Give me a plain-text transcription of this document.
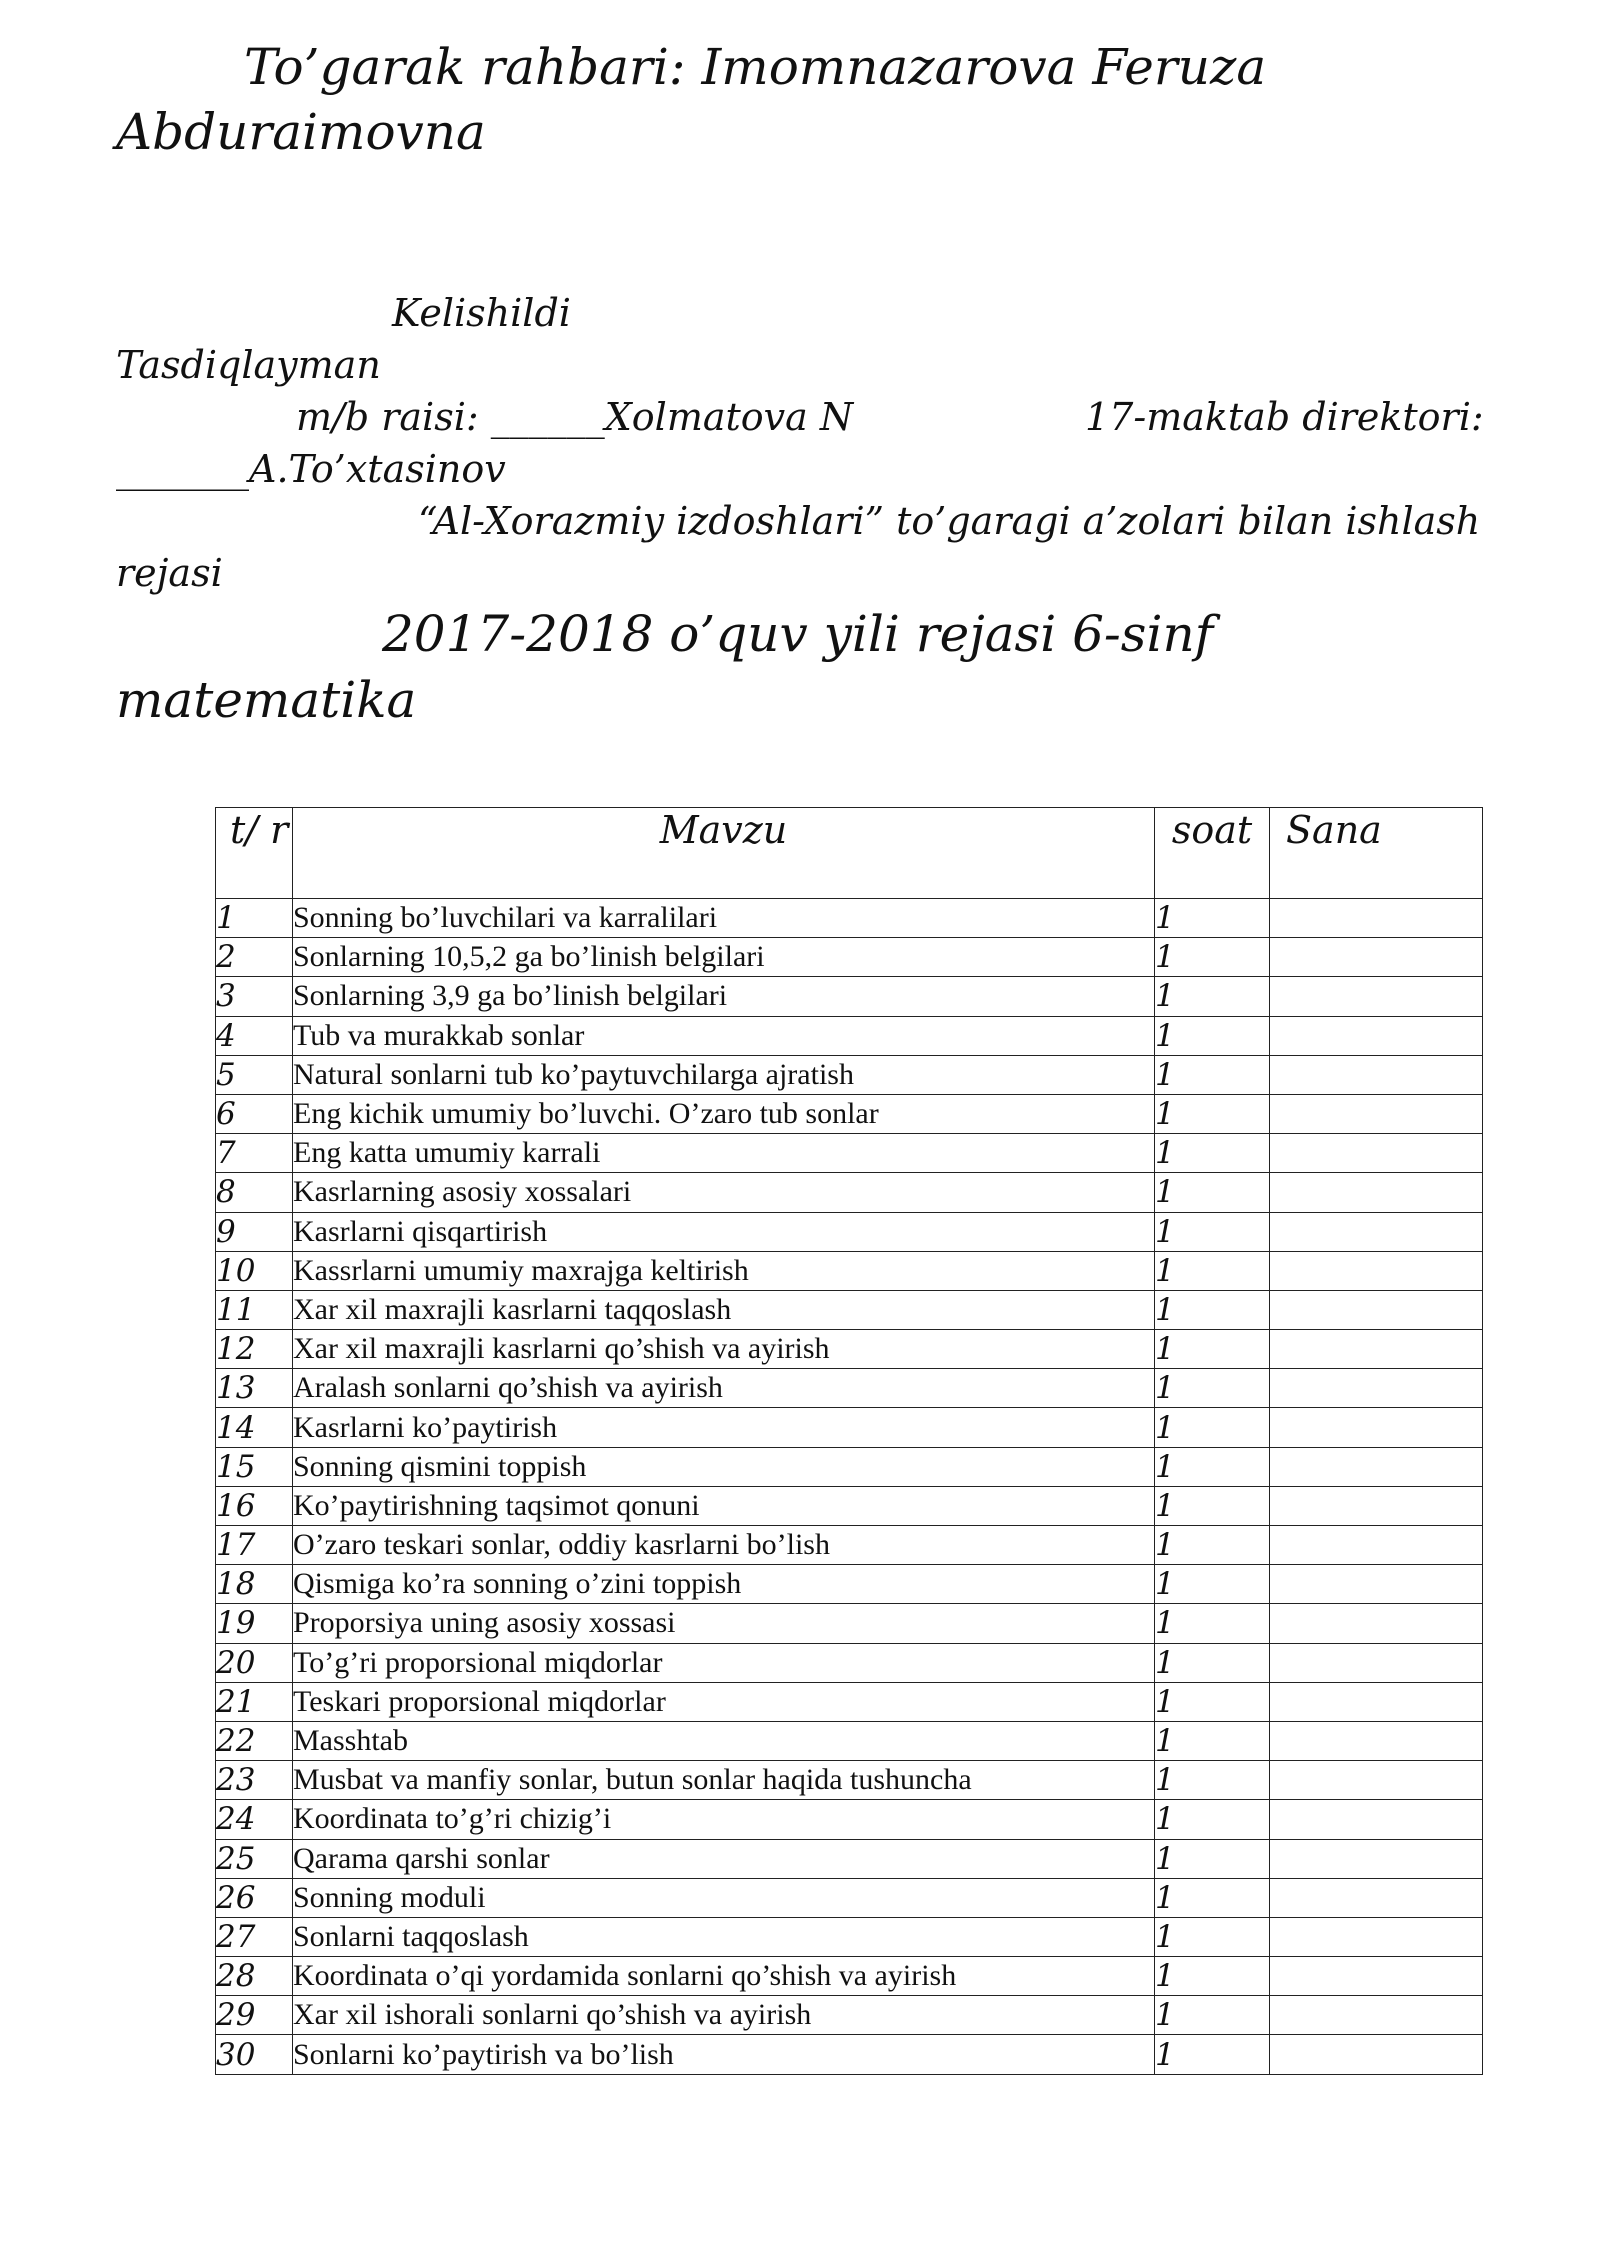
To’garak rahbari: Imomnazarova Feruza
Abduraimovna
Kelishildi
Tasdiqlayman
m/b raisi: ______Xolmatova N	17-maktab direktori:
_______A.To’xtasinov
“Al-Xorazmiy izdoshlari” to’garagi a’zolari bilan ishlash
rejasi
2017-2018 o’quv yili rejasi 6-sinf
matematika
t/ r	Mavzu	soat	Sana
1	Sonning bo’luvchilari va karralilari	1	
2	Sonlarning 10,5,2 ga bo’linish belgilari	1	
3	Sonlarning 3,9 ga bo’linish belgilari	1	
4	Tub va murakkab sonlar	1	
5	Natural sonlarni tub ko’paytuvchilarga ajratish	1	
6	Eng kichik umumiy bo’luvchi. O’zaro tub sonlar	1	
7	Eng katta umumiy karrali	1	
8	Kasrlarning asosiy xossalari	1	
9	Kasrlarni qisqartirish	1	
10	Kassrlarni umumiy maxrajga keltirish	1	
11	Xar xil maxrajli kasrlarni taqqoslash	1	
12	Xar xil maxrajli kasrlarni qo’shish va ayirish	1	
13	Aralash sonlarni qo’shish va ayirish	1	
14	Kasrlarni ko’paytirish	1	
15	Sonning qismini toppish	1	
16	Ko’paytirishning taqsimot qonuni	1	
17	O’zaro teskari sonlar, oddiy kasrlarni bo’lish	1	
18	Qismiga ko’ra sonning o’zini toppish	1	
19	Proporsiya uning asosiy xossasi	1	
20	To’g’ri proporsional miqdorlar	1	
21	Teskari proporsional miqdorlar	1	
22	Masshtab	1	
23	Musbat va manfiy sonlar, butun sonlar haqida tushuncha	1	
24	Koordinata to’g’ri chizig’i	1	
25	Qarama qarshi sonlar	1	
26	Sonning moduli	1	
27	Sonlarni taqqoslash	1	
28	Koordinata o’qi yordamida sonlarni qo’shish va ayirish	1	
29	Xar xil ishorali sonlarni qo’shish va ayirish	1	
30	Sonlarni ko’paytirish va bo’lish	1	
